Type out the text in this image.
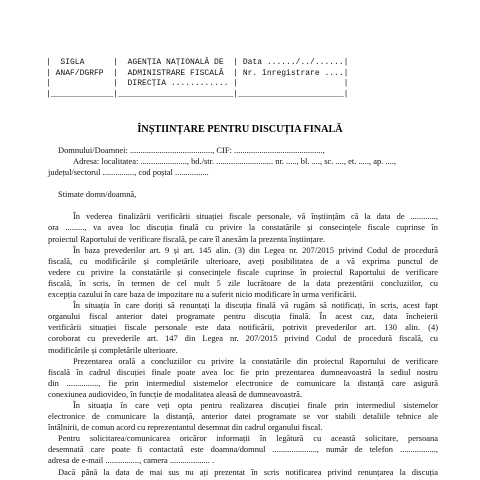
|  SIGLA      |  AGENȚIA NAȚIONALĂ DE  | Data ....../../......|
| ANAF/DGRFP  |  ADMINISTRARE FISCALĂ  | Nr. înregistrare ....|
|             |  DIRECȚIA ............ |                      |
|_____________|________________________|______________________|
ÎNȘTIINȚARE PENTRU DISCUȚIA FINALĂ
Domnului/Doamnei: ......................................., CIF: ..........................................,
Adresa: localitatea: ......................, bd./str. ........................... nr. ....., bl. ...., sc. ...., et. ....., ap. ....,
județul/sectorul ..............., cod poștal ................
Stimate domn/doamnă,
În vederea finalizării verificării situației fiscale personale, vă înștiințăm că la data de ............,
ora ........., va avea loc discuția finală cu privire la constatările și consecințele fiscale cuprinse în
proiectul Raportului de verificare fiscală, pe care îl anexăm la prezenta înștiințare.
În baza prevederilor art. 9 și art. 145 alin. (3) din Legea nr. 207/2015 privind Codul de procedură
fiscală, cu modificările și completările ulterioare, aveți posibilitatea de a vă exprima punctul de
vedere cu privire la constatările și consecințele fiscale cuprinse în proiectul Raportului de verificare
fiscală, în scris, în termen de cel mult 5 zile lucrătoare de la data prezentării concluziilor, cu
excepția cazului în care baza de impozitare nu a suferit nicio modificare în urma verificării.
În situația în care doriți să renunțați la discuția finală vă rugăm să notificați, în scris, acest fapt
organului fiscal anterior datei programate pentru discuția finală. În acest caz, data încheierii
verificării situației fiscale personale este data notificării, potrivit prevederilor art. 130 alin. (4)
coroborat cu prevederile art. 147 din Legea nr. 207/2015 privind Codul de procedură fiscală, cu
modificările și completările ulterioare.
Prezentarea orală a concluziilor cu privire la constatările din proiectul Raportului de verificare
fiscală în cadrul discuției finale poate avea loc fie prin prezentarea dumneavoastră la sediul nostru
din ..............., fie prin intermediul sistemelor electronice de comunicare la distanță care asigură
conexiunea audiovideo, în funcție de modalitatea aleasă de dumneavoastră.
În situația în care veți opta pentru realizarea discuției finale prin intermediul sistemelor
electronice de comunicare la distanță, anterior datei programate se vor stabili detaliile tehnice ale
întâlnirii, de comun acord cu reprezentantul desemnat din cadrul organului fiscal.
Pentru solicitarea/comunicarea oricăror informații în legătură cu această solicitare, persoana
desemnată care poate fi contactată este doamna/domnul ....................., număr de telefon .................,
adresa de e-mail ................, camera ................... .
Dacă până la data de mai sus nu ați prezentat în scris notificarea privind renunțarea la discuția
